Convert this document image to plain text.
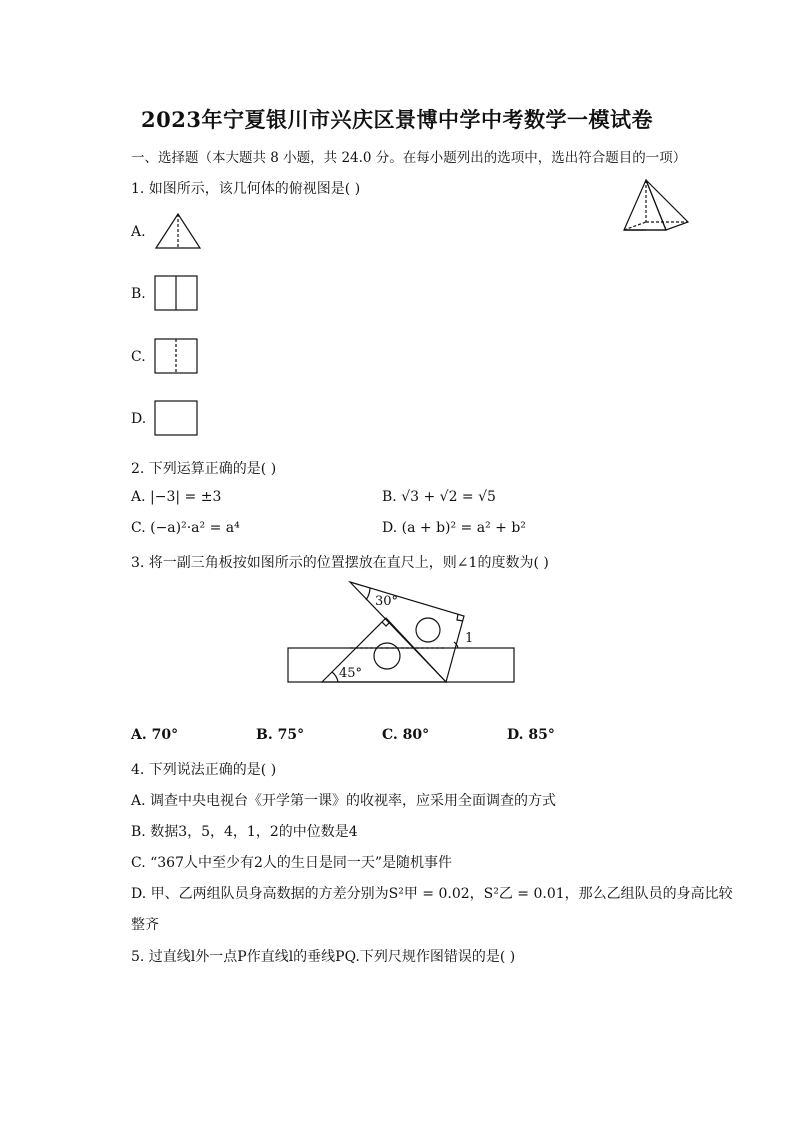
2023年宁夏银川市兴庆区景博中学中考数学一模试卷
一、选择题（本大题共 8 小题，共 24.0 分。在每小题列出的选项中，选出符合题目的一项）
1. 如图所示，该几何体的俯视图是( )
A.
B.
C.
D.
2. 下列运算正确的是( )
A. |−3| = ±3	B. √3 + √2 = √5
C. (−a)²·a² = a⁴	D. (a + b)² = a² + b²
3. 将一副三角板按如图所示的位置摆放在直尺上，则∠1的度数为( )
30°
45°
1
A. 70°	B. 75°	C. 80°	D. 85°
4. 下列说法正确的是( )
A. 调查中央电视台《开学第一课》的收视率，应采用全面调查的方式
B. 数据3，5，4，1，2的中位数是4
C. “367人中至少有2人的生日是同一天”是随机事件
D. 甲、乙两组队员身高数据的方差分别为S²甲 = 0.02，S²乙 = 0.01，那么乙组队员的身高比较
整齐
5. 过直线l外一点P作直线l的垂线PQ.下列尺规作图错误的是( )
